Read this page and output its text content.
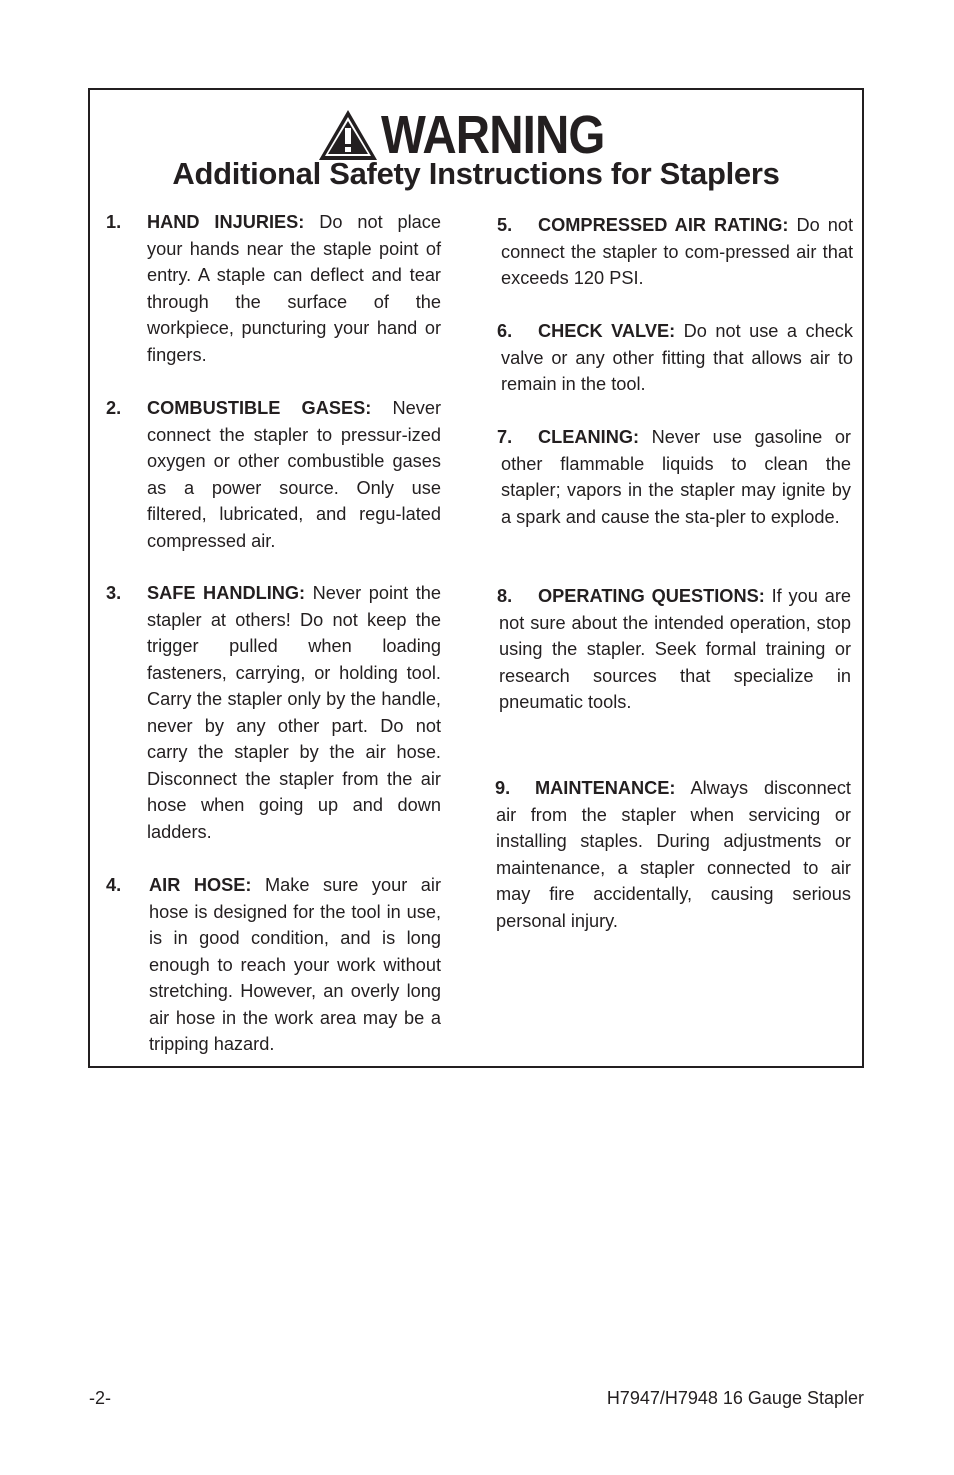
WARNING
Additional Safety Instructions for Staplers
1. HAND INJURIES: Do not place your hands near the staple point of entry. A staple can deflect and tear through the surface of the workpiece, puncturing your hand or fingers.
2. COMBUSTIBLE GASES: Never connect the stapler to pressur-ized oxygen or other combustible gases as a power source. Only use filtered, lubricated, and regu-lated compressed air.
3. SAFE HANDLING: Never point the stapler at others! Do not keep the trigger pulled when loading fasteners, carrying, or holding tool. Carry the stapler only by the handle, never by any other part. Do not carry the stapler by the air hose. Disconnect the stapler from the air hose when going up and down ladders.
4. AIR HOSE: Make sure your air hose is designed for the tool in use, is in good condition, and is long enough to reach your work without stretching. However, an overly long air hose in the work area may be a tripping hazard.
5.	COMPRESSED AIR RATING: Do not connect the stapler to com-pressed air that exceeds 120 PSI.
6.	CHECK VALVE: Do not use a check valve or any other fitting that allows air to remain in the tool.
7.	CLEANING: Never use gasoline or other flammable liquids to clean the stapler; vapors in the stapler may ignite by a spark and cause the sta-pler to explode.
8.	OPERATING QUESTIONS: If you are not sure about the intended operation, stop using the stapler. Seek formal training or research sources that specialize in pneumatic tools.
9.	MAINTENANCE: Always disconnect air from the stapler when servicing or installing staples. During adjustments or maintenance, a stapler connected to air may fire accidentally, causing serious personal injury.
-2-	H7947/H7948 16 Gauge Stapler
